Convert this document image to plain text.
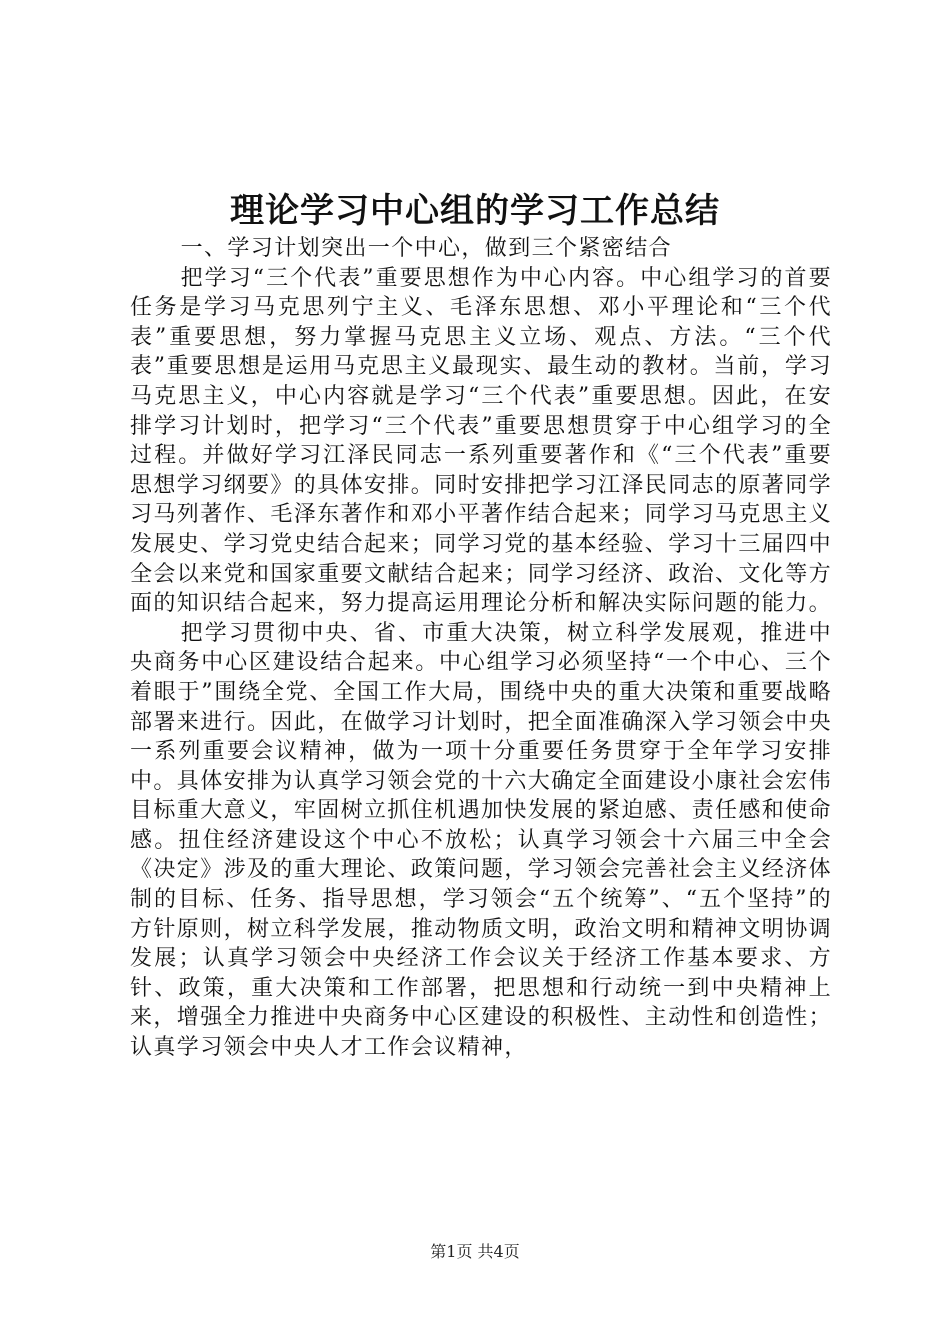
理论学习中心组的学习工作总结

一、学习计划突出一个中心，做到三个紧密结合

把学习“三个代表”重要思想作为中心内容。中心组学习的首要任务是学习马克思列宁主义、毛泽东思想、邓小平理论和“三个代表”重要思想，努力掌握马克思主义立场、观点、方法。“三个代表”重要思想是运用马克思主义最现实、最生动的教材。当前，学习马克思主义，中心内容就是学习“三个代表”重要思想。因此，在安排学习计划时，把学习“三个代表”重要思想贯穿于中心组学习的全过程。并做好学习江泽民同志一系列重要著作和《“三个代表”重要思想学习纲要》的具体安排。同时安排把学习江泽民同志的原著同学习马列著作、毛泽东著作和邓小平著作结合起来；同学习马克思主义发展史、学习党史结合起来；同学习党的基本经验、学习十三届四中全会以来党和国家重要文献结合起来；同学习经济、政治、文化等方面的知识结合起来，努力提高运用理论分析和解决实际问题的能力。

把学习贯彻中央、省、市重大决策，树立科学发展观，推进中央商务中心区建设结合起来。中心组学习必须坚持“一个中心、三个着眼于”围绕全党、全国工作大局，围绕中央的重大决策和重要战略部署来进行。因此，在做学习计划时，把全面准确深入学习领会中央一系列重要会议精神，做为一项十分重要任务贯穿于全年学习安排中。具体安排为认真学习领会党的十六大确定全面建设小康社会宏伟目标重大意义，牢固树立抓住机遇加快发展的紧迫感、责任感和使命感。扭住经济建设这个中心不放松；认真学习领会十六届三中全会《决定》涉及的重大理论、政策问题，学习领会完善社会主义经济体制的目标、任务、指导思想，学习领会“五个统筹”、“五个坚持”的方针原则，树立科学发展，推动物质文明，政治文明和精神文明协调发展；认真学习领会中央经济工作会议关于经济工作基本要求、方针、政策，重大决策和工作部署，把思想和行动统一到中央精神上来，增强全力推进中央商务中心区建设的积极性、主动性和创造性；认真学习领会中央人才工作会议精神，

第1页 共4页
